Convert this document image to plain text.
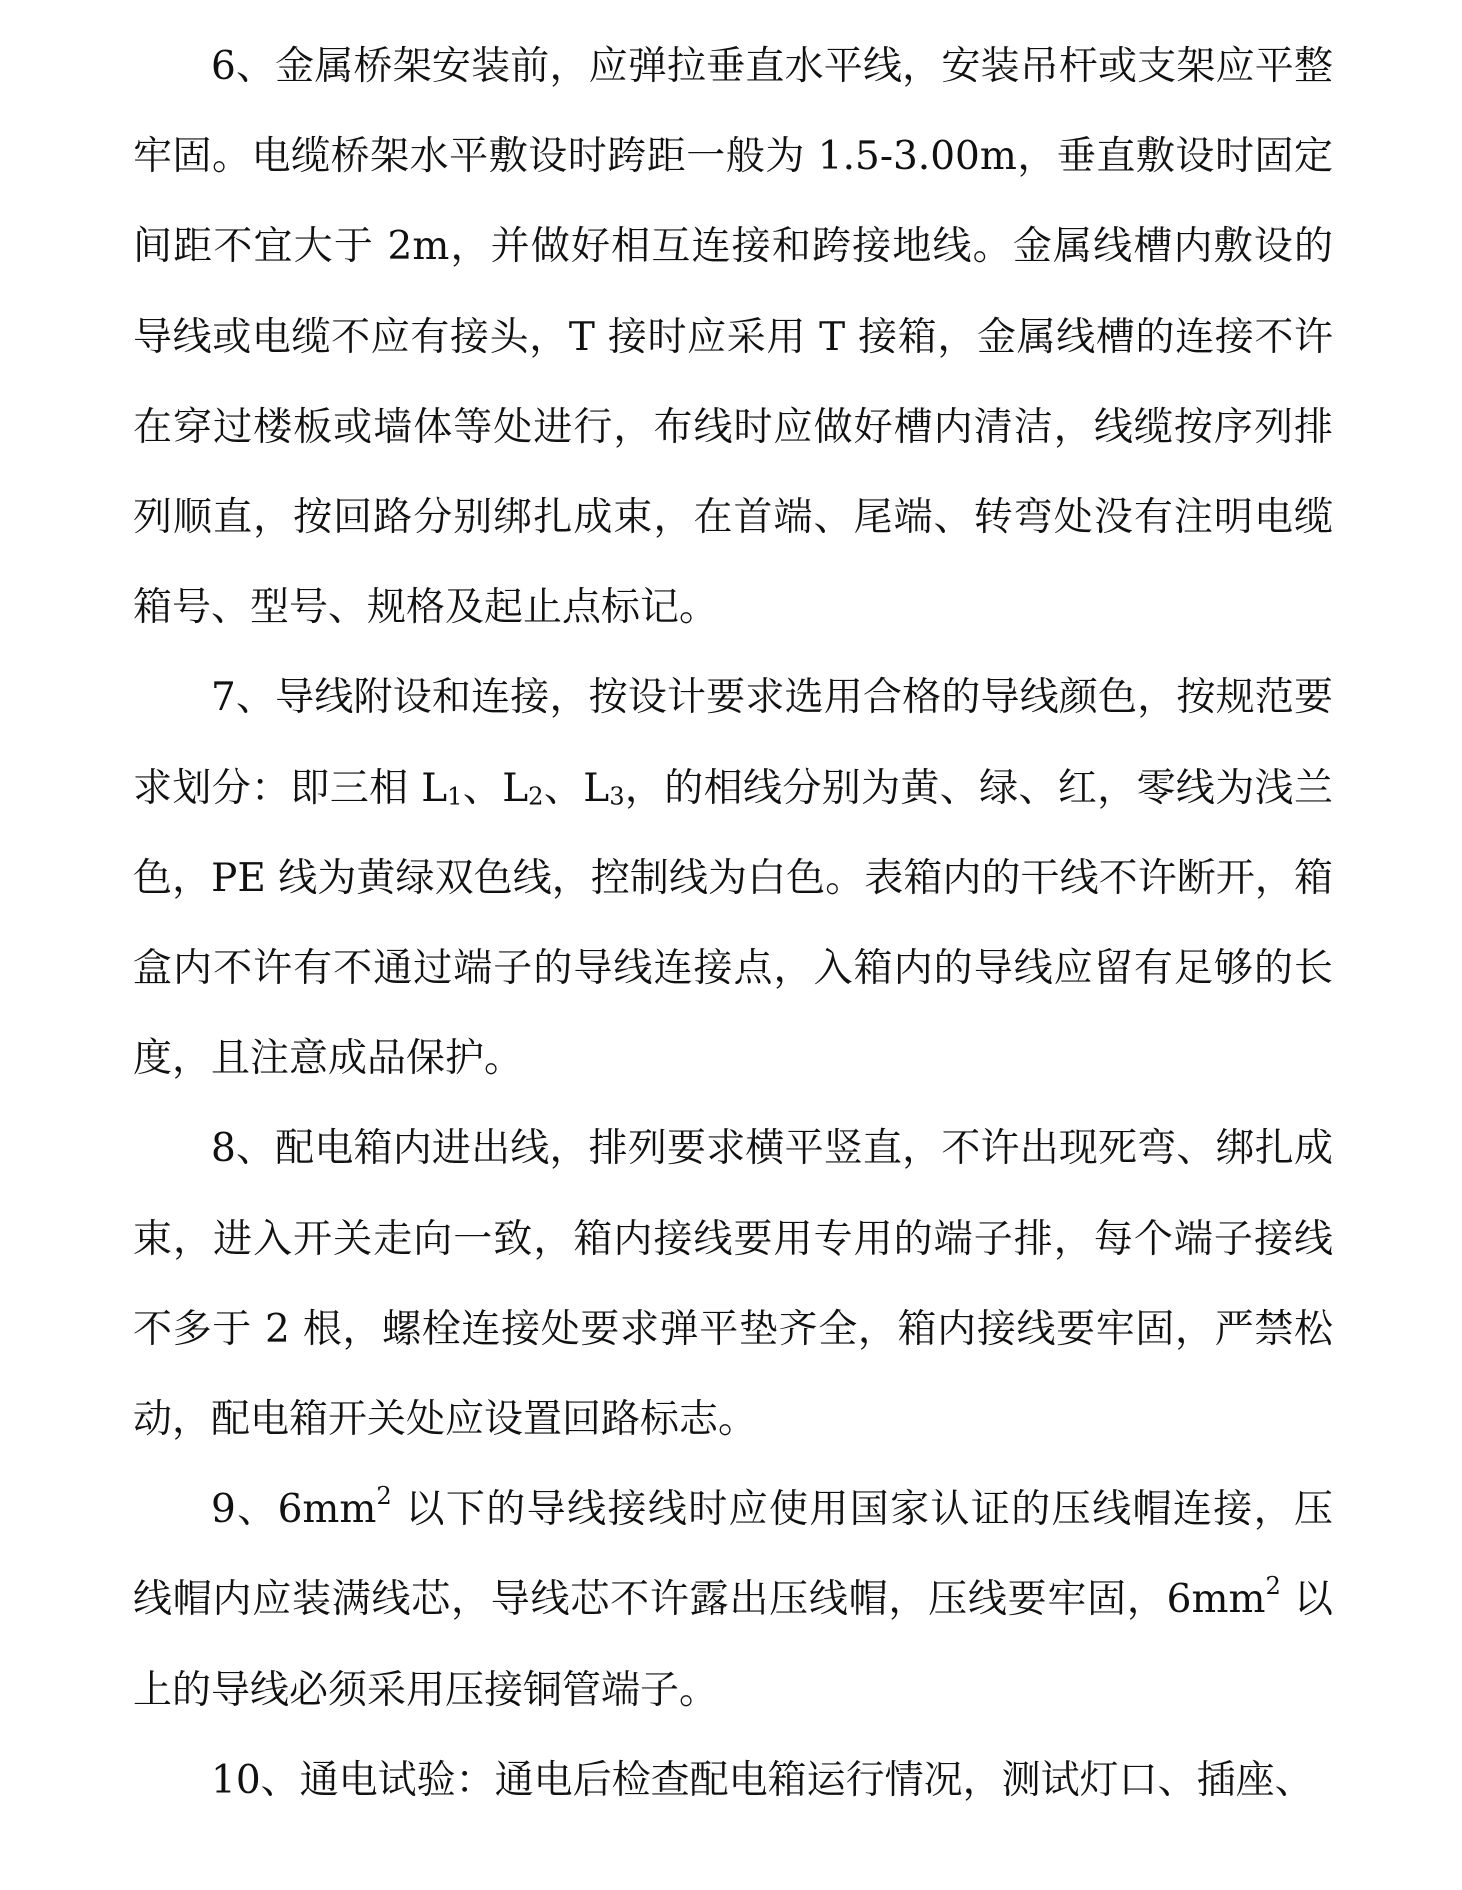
6、金属桥架安装前，应弹拉垂直水平线，安装吊杆或支架应平整牢固。电缆桥架水平敷设时跨距一般为 1.5-3.00m，垂直敷设时固定间距不宜大于 2m，并做好相互连接和跨接地线。金属线槽内敷设的导线或电缆不应有接头，T 接时应采用 T 接箱，金属线槽的连接不许在穿过楼板或墙体等处进行，布线时应做好槽内清洁，线缆按序列排列顺直，按回路分别绑扎成束，在首端、尾端、转弯处没有注明电缆箱号、型号、规格及起止点标记。

7、导线附设和连接，按设计要求选用合格的导线颜色，按规范要求划分：即三相 $L_1$、$L_2$、$L_3$，的相线分别为黄、绿、红，零线为浅兰色，PE 线为黄绿双色线，控制线为白色。表箱内的干线不许断开，箱盒内不许有不通过端子的导线连接点，入箱内的导线应留有足够的长度，且注意成品保护。

8、配电箱内进出线，排列要求横平竖直，不许出现死弯、绑扎成束，进入开关走向一致，箱内接线要用专用的端子排，每个端子接线不多于 2 根，螺栓连接处要求弹平垫齐全，箱内接线要牢固，严禁松动，配电箱开关处应设置回路标志。

9、$6mm^2$ 以下的导线接线时应使用国家认证的压线帽连接，压线帽内应装满线芯，导线芯不许露出压线帽，压线要牢固，$6mm^2$ 以上的导线必须采用压接铜管端子。

10、通电试验：通电后检查配电箱运行情况，测试灯口、插座、
